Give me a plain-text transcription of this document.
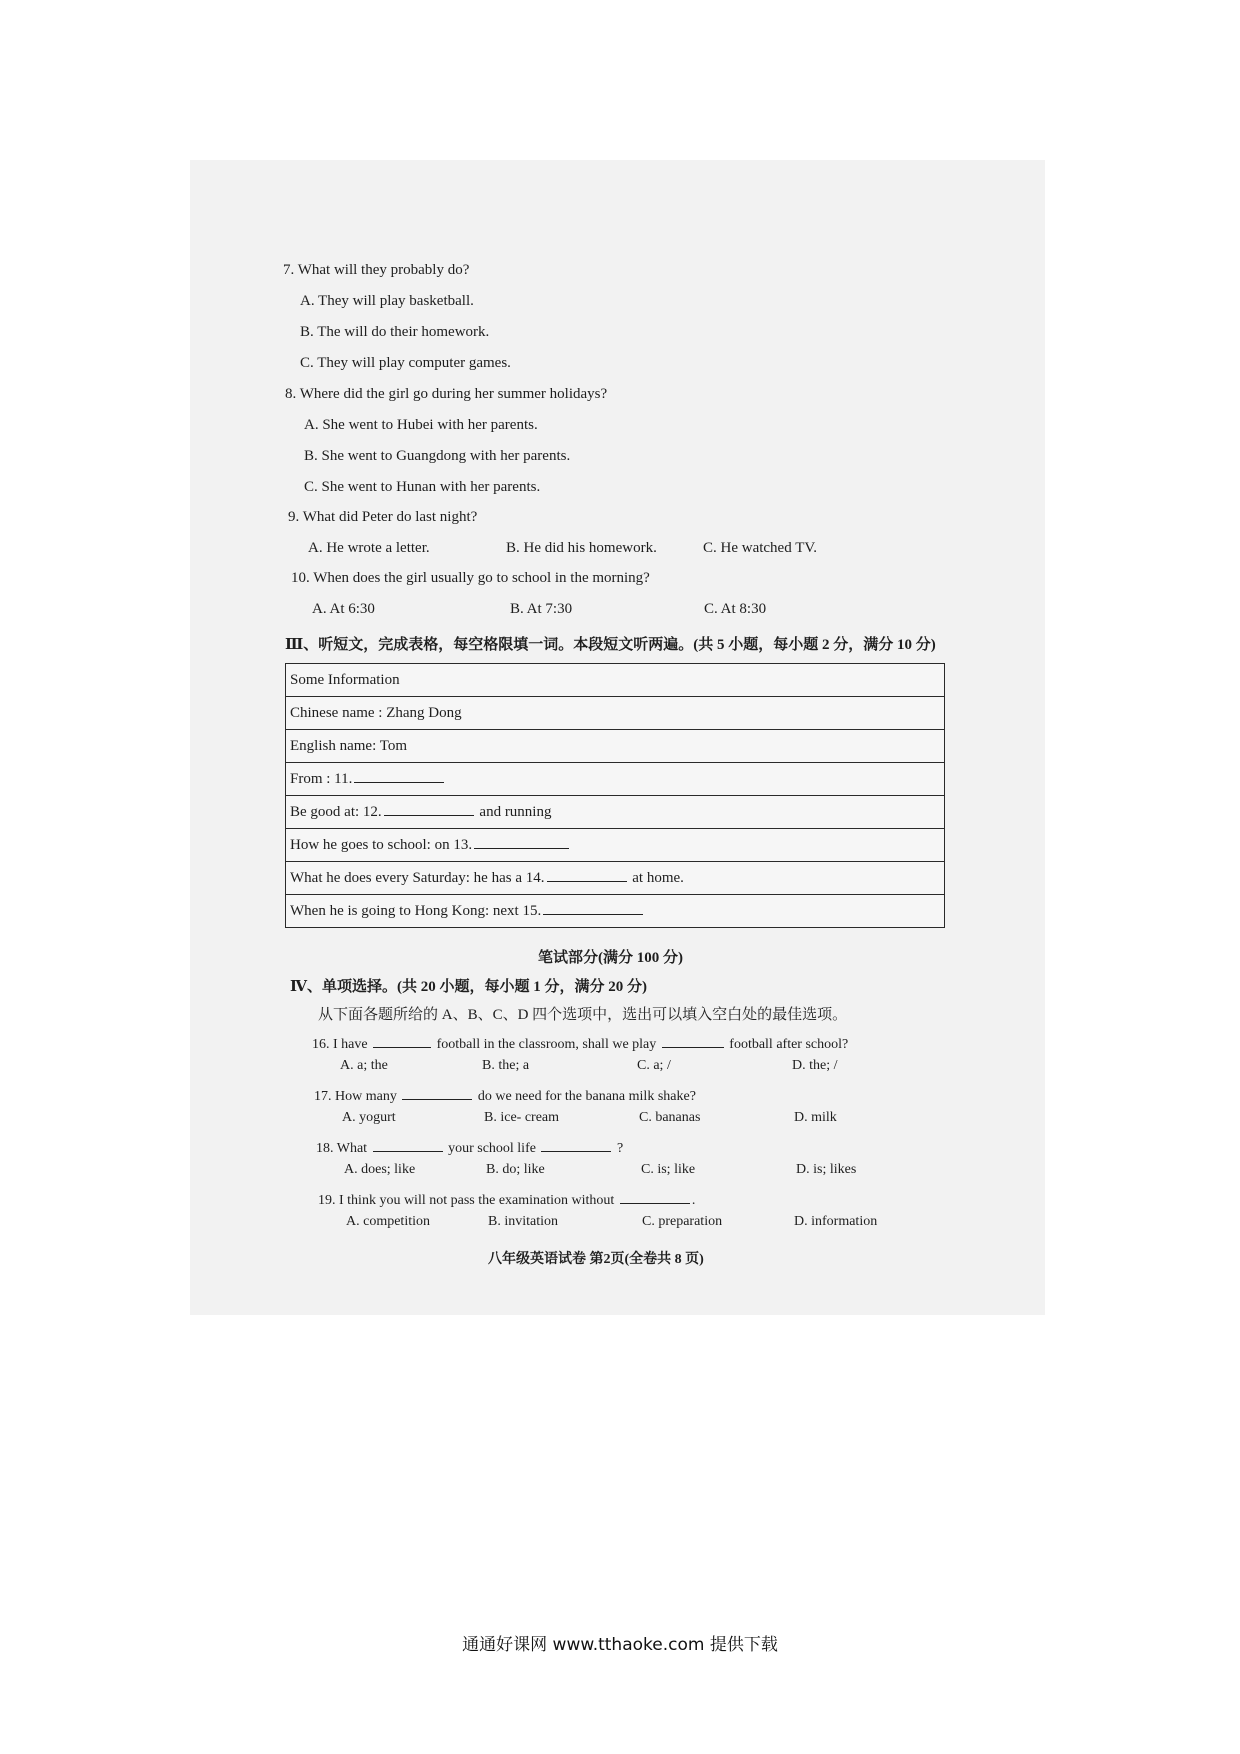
7. What will they probably do?
A. They will play basketball.
B. The will do their homework.
C. They will play computer games.
8. Where did the girl go during her summer holidays?
A. She went to Hubei with her parents.
B. She went to Guangdong with her parents.
C. She went to Hunan with her parents.
9. What did Peter do last night?
A. He wrote a letter.	B. He did his homework.	C. He watched TV.
10. When does the girl usually go to school in the morning?
A. At 6:30	B. At 7:30	C. At 8:30
Ⅲ、听短文，完成表格，每空格限填一词。本段短文听两遍。(共 5 小题，每小题 2 分，满分 10 分)
Some Information
Chinese name : Zhang Dong
English name: Tom
From : 11.
Be good at: 12.	and running
How he goes to school: on 13.
What he does every Saturday: he has a 14.	at home.
When he is going to Hong Kong: next 15.
笔试部分(满分 100 分)
Ⅳ、单项选择。(共 20 小题，每小题 1 分，满分 20 分)
从下面各题所给的 A、B、C、D 四个选项中，选出可以填入空白处的最佳选项。
16. I have	football in the classroom, shall we play	football after school?
A. a; the	B. the; a	C. a; /	D. the; /
17. How many	do we need for the banana milk shake?
A. yogurt	B. ice- cream	C. bananas	D. milk
18. What	your school life	?
A. does; like	B. do; like	C. is; like	D. is; likes
19. I think you will not pass the examination without	.
A. competition	B. invitation	C. preparation	D. information
八年级英语试卷 第2页(全卷共 8 页)
通通好课网 www.tthaoke.com 提供下载
